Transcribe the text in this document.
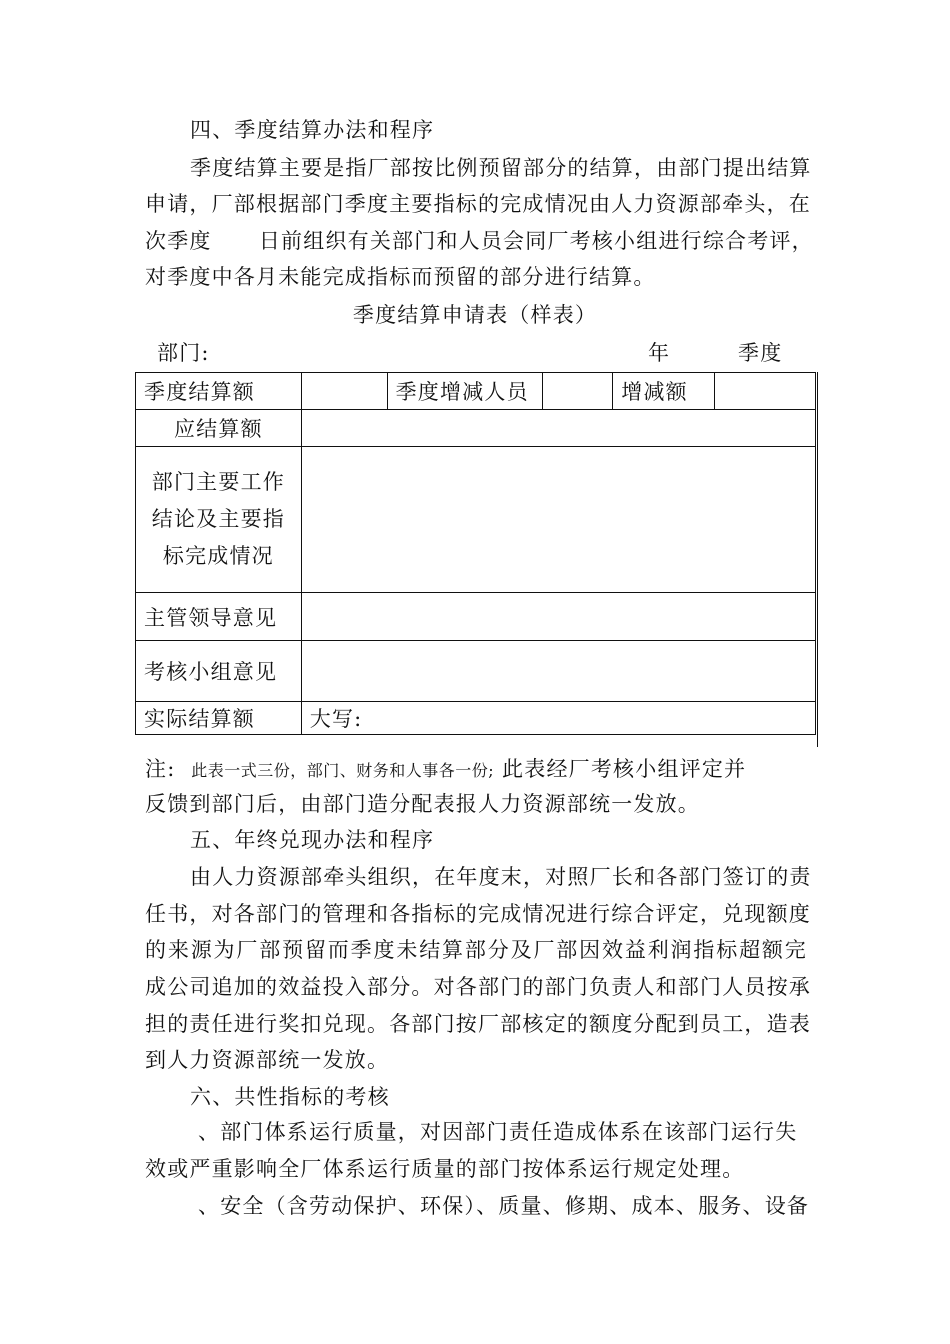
四、季度结算办法和程序
季度结算主要是指厂部按比例预留部分的结算，由部门提出结算
申请，厂部根据部门季度主要指标的完成情况由人力资源部牵头，在
次季度      日前组织有关部门和人员会同厂考核小组进行综合考评，
对季度中各月未能完成指标而预留的部分进行结算。
季度结算申请表（样表）
部门:	年	季度
季度结算额		季度增减人员		增减额	
应结算额					

部门主要工作
结论及主要指
标完成情况					

主管领导意见					
考核小组意见					
实际结算额	大写:				
注: 此表一式三份，部门、财务和人事各一份; 此表经厂考核小组评定并
反馈到部门后，由部门造分配表报人力资源部统一发放。
五、年终兑现办法和程序
由人力资源部牵头组织，在年度末，对照厂长和各部门签订的责
任书，对各部门的管理和各指标的完成情况进行综合评定，兑现额度
的来源为厂部预留而季度未结算部分及厂部因效益利润指标超额完
成公司追加的效益投入部分。对各部门的部门负责人和部门人员按承
担的责任进行奖扣兑现。各部门按厂部核定的额度分配到员工，造表
到人力资源部统一发放。
六、共性指标的考核
、部门体系运行质量，对因部门责任造成体系在该部门运行失
效或严重影响全厂体系运行质量的部门按体系运行规定处理。
、安全（含劳动保护、环保）、质量、修期、成本、服务、设备
